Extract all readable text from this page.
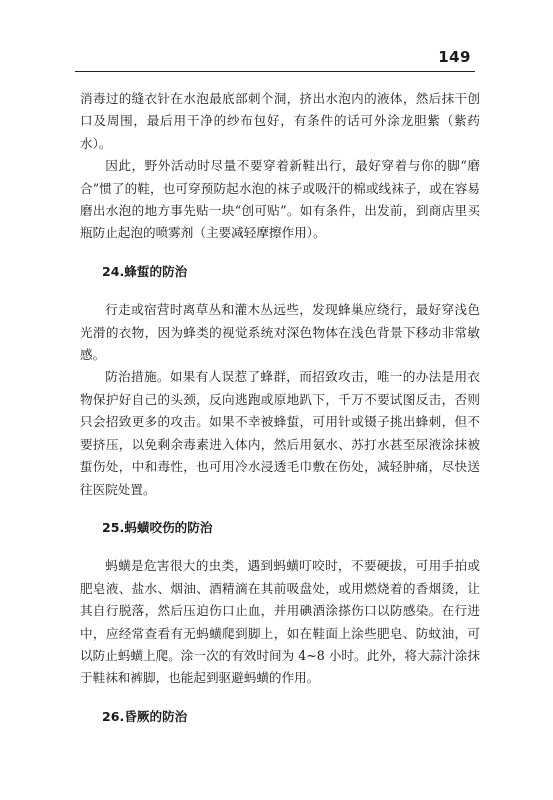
149

消毒过的缝衣针在水泡最底部刺个洞，挤出水泡内的液体，然后抹干创口及周围，最后用干净的纱布包好，有条件的话可外涂龙胆紫（紫药水）。

因此，野外活动时尽量不要穿着新鞋出行，最好穿着与你的脚“磨合”惯了的鞋，也可穿预防起水泡的袜子或吸汗的棉或线袜子，或在容易磨出水泡的地方事先贴一块“创可贴”。如有条件，出发前，到商店里买瓶防止起泡的喷雾剂（主要减轻摩擦作用）。

24.蜂蜇的防治

行走或宿营时离草丛和灌木丛远些，发现蜂巢应绕行，最好穿浅色光滑的衣物，因为蜂类的视觉系统对深色物体在浅色背景下移动非常敏感。

防治措施。如果有人误惹了蜂群，而招致攻击，唯一的办法是用衣物保护好自己的头颈，反向逃跑或原地趴下，千万不要试图反击，否则只会招致更多的攻击。如果不幸被蜂蜇，可用针或镊子挑出蜂刺，但不要挤压，以免剩余毒素进入体内，然后用氨水、苏打水甚至尿液涂抹被蜇伤处，中和毒性，也可用冷水浸透毛巾敷在伤处，减轻肿痛，尽快送往医院处置。

25.蚂蟥咬伤的防治

蚂蟥是危害很大的虫类，遇到蚂蟥叮咬时，不要硬拔，可用手拍或肥皂液、盐水、烟油、酒精滴在其前吸盘处，或用燃烧着的香烟烫，让其自行脱落，然后压迫伤口止血，并用碘酒涂搽伤口以防感染。在行进中，应经常查看有无蚂蟥爬到脚上，如在鞋面上涂些肥皂、防蚊油，可以防止蚂蟥上爬。涂一次的有效时间为 4~8 小时。此外，将大蒜汁涂抹于鞋袜和裤脚，也能起到驱避蚂蟥的作用。

26.昏厥的防治
